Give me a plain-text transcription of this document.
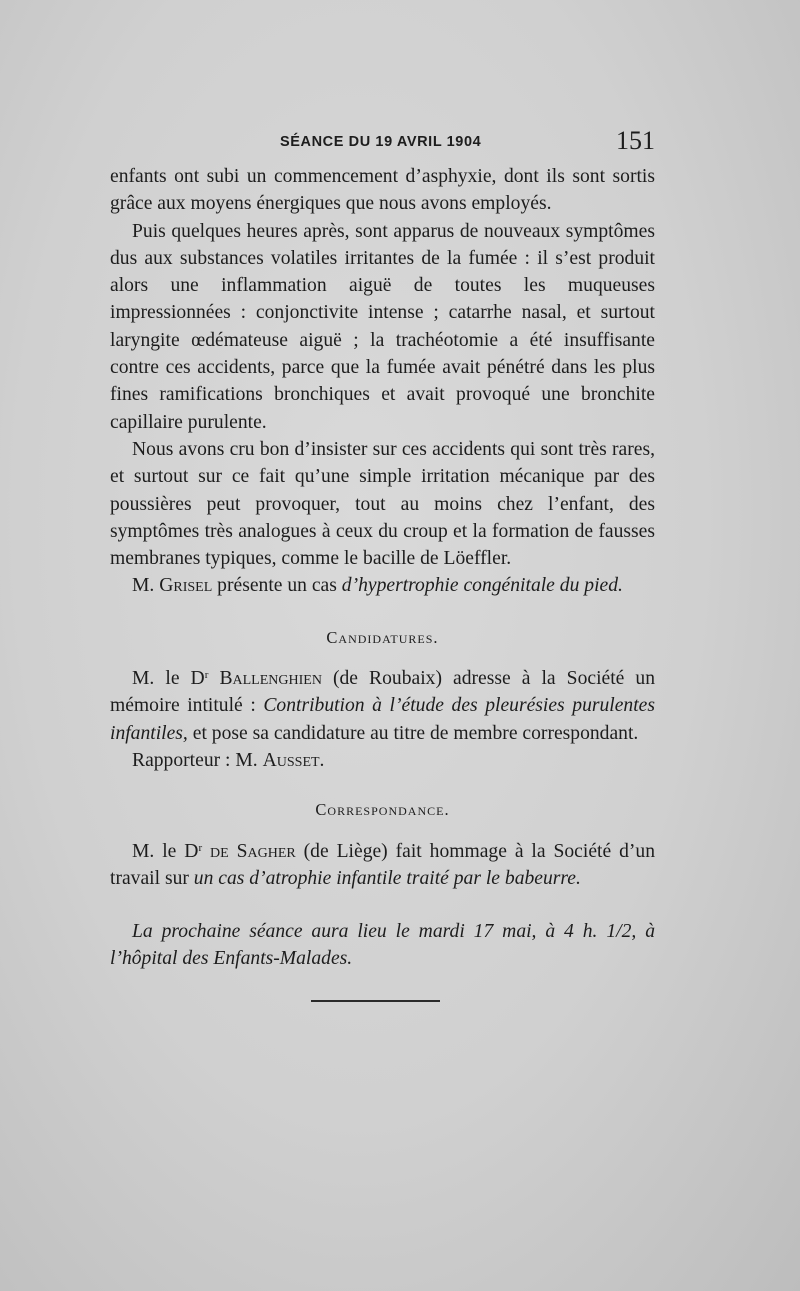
SÉANCE DU 19 AVRIL 1904	151

enfants ont subi un commencement d’asphyxie, dont ils sont sortis grâce aux moyens énergiques que nous avons employés.

Puis quelques heures après, sont apparus de nouveaux symptômes dus aux substances volatiles irritantes de la fumée : il s’est produit alors une inflammation aiguë de toutes les muqueuses impressionnées : conjonctivite intense ; catarrhe nasal, et surtout laryngite œdémateuse aiguë ; la trachéotomie a été insuffisante contre ces accidents, parce que la fumée avait pénétré dans les plus fines ramifications bronchiques et avait provoqué une bronchite capillaire purulente.

Nous avons cru bon d’insister sur ces accidents qui sont très rares, et surtout sur ce fait qu’une simple irritation mécanique par des poussières peut provoquer, tout au moins chez l’enfant, des symptômes très analogues à ceux du croup et la formation de fausses membranes typiques, comme le bacille de Löeffler.

M. Grisel présente un cas d’hypertrophie congénitale du pied.

Candidatures.

M. le $D^r$ Ballenghien (de Roubaix) adresse à la Société un mémoire intitulé : Contribution à l’étude des pleurésies purulentes infantiles, et pose sa candidature au titre de membre correspondant.

Rapporteur : M. Ausset.

Correspondance.

M. le $D^r$ de Sagher (de Liège) fait hommage à la Société d’un travail sur un cas d’atrophie infantile traité par le babeurre.

La prochaine séance aura lieu le mardi 17 mai, à 4 h. 1/2, à l’hôpital des Enfants-Malades.
